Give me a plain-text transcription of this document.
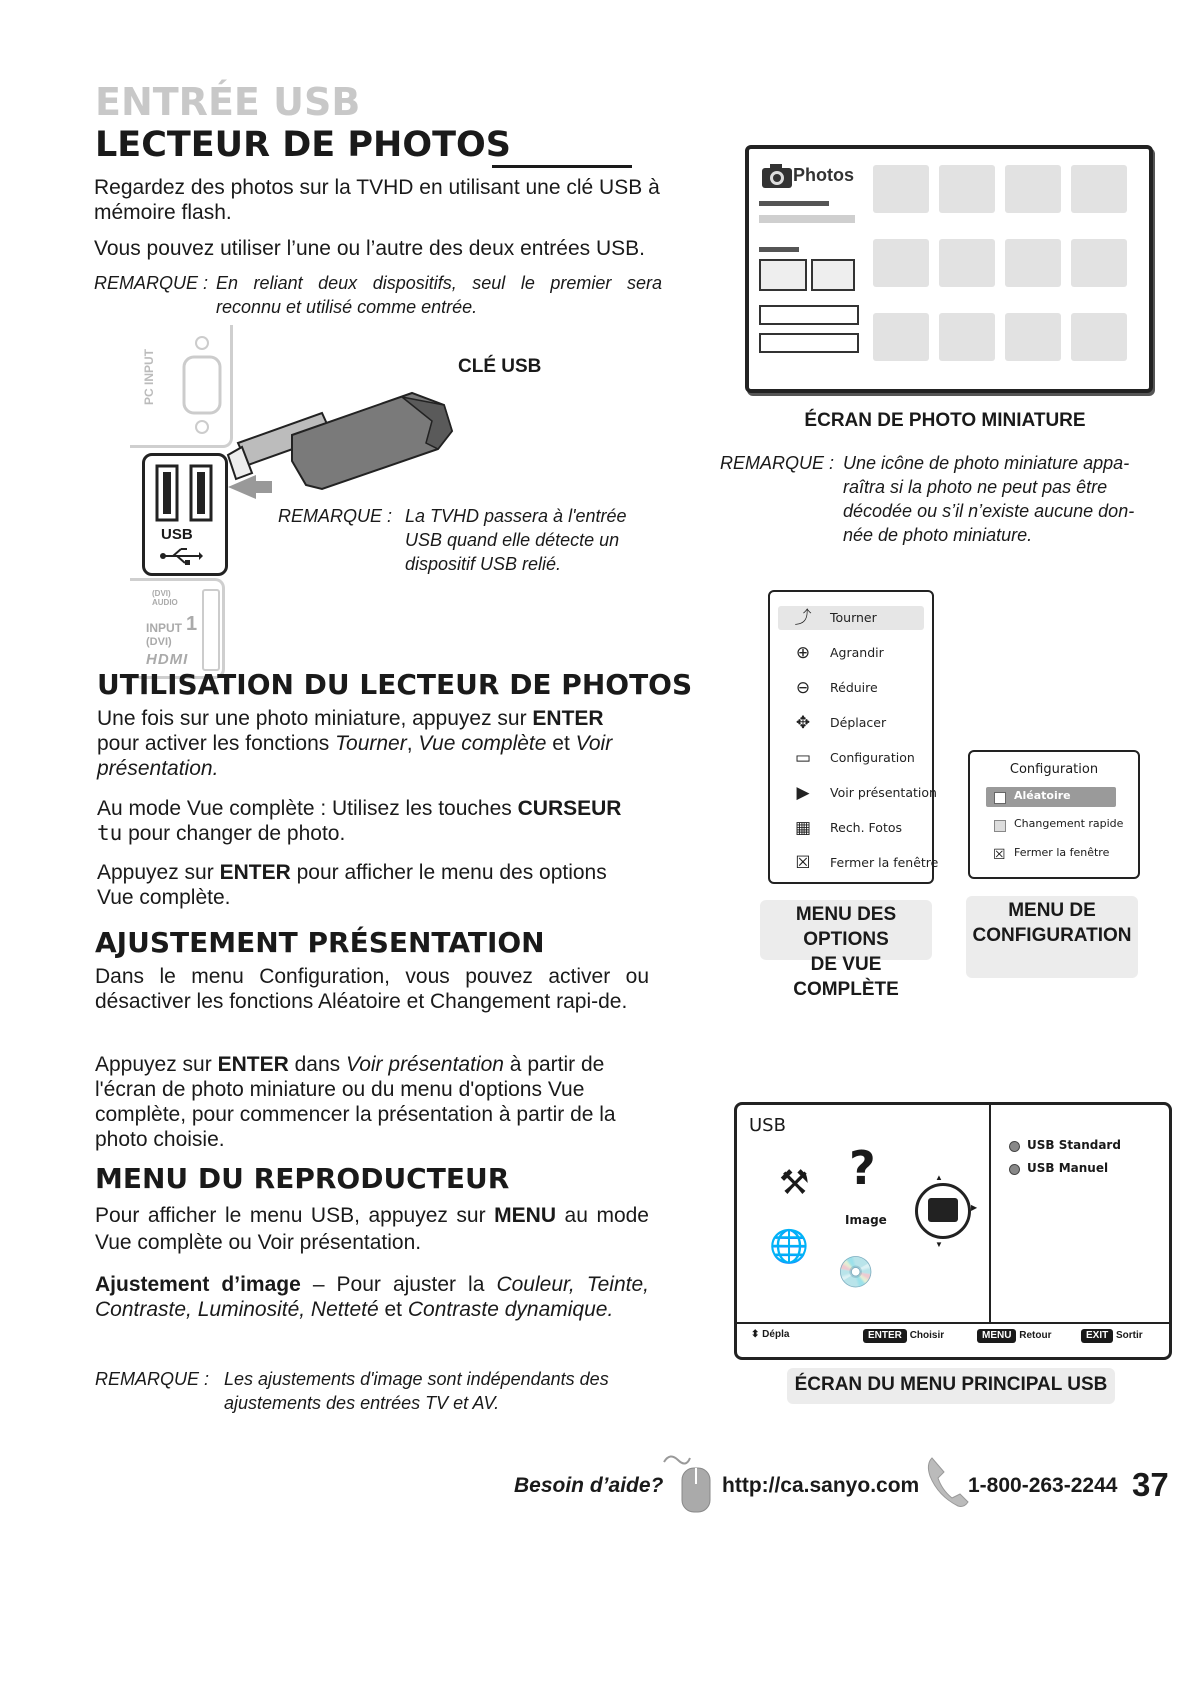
ENTRÉE USB
LECTEUR DE PHOTOS
Regardez des photos sur la TVHD en utilisant une clé USB à mémoire flash.
Vous pouvez utiliser l’une ou l’autre des deux entrées USB.
REMARQUE : En reliant deux dispositifs, seul le premier sera
reconnu et utilisé comme entrée.
PC INPUT
USB
(DVI) AUDIO
INPUT 1
(DVI)
HDMI
CLÉ USB
REMARQUE : La TVHD passera à l'entrée
USB quand elle détecte un
dispositif USB relié.
UTILISATION DU LECTEUR DE PHOTOS
Une fois sur une photo miniature, appuyez sur ENTER pour activer les fonctions Tourner, Vue complète et Voir présentation.
Au mode Vue complète : Utilisez les touches CURSEUR
tu pour changer de photo.
Appuyez sur ENTER pour afficher le menu des options Vue complète.
AJUSTEMENT PRÉSENTATION
Dans le menu Configuration, vous pouvez activer ou désactiver les fonctions Aléatoire et Changement rapi-de.
Appuyez sur ENTER dans Voir présentation à partir de l'écran de photo miniature ou du menu d'options Vue complète, pour commencer la présentation à partir de la photo choisie.
MENU DU REPRODUCTEUR
Pour afficher le menu USB, appuyez sur MENU au mode Vue complète ou Voir présentation.
Ajustement d’image – Pour ajuster la Couleur, Teinte, Contraste, Luminosité, Netteté et Contraste dynamique.
REMARQUE : Les ajustements d'image sont indépendants des
ajustements des entrées TV et AV.
Photos
ÉCRAN DE PHOTO MINIATURE
REMARQUE : Une icône de photo miniature appa-
raîtra si la photo ne peut pas être
décodée ou s’il n’existe aucune don-
née de photo miniature.
⤴ Tourner
⊕	Agrandir
⊖	Réduire
✥	Déplacer
▭ Configuration
▶	Voir présentation
▦ Rech. Fotos
☒ Fermer la fenêtre
MENU DES OPTIONS
DE VUE COMPLÈTE
Configuration
Aléatoire
Changement rapide
☒ Fermer la fenêtre
MENU DE
CONFIGURATION
USB
⚒ ?
Image
▲
▼
▶
🌐
💿
USB Standard
USB Manuel
⬍ Dépla	ENTER Choisir	MENU Retour	EXIT Sortir
ÉCRAN DU MENU PRINCIPAL USB
Besoin d’aide?	http://ca.sanyo.com 1-800-263-2244 37
